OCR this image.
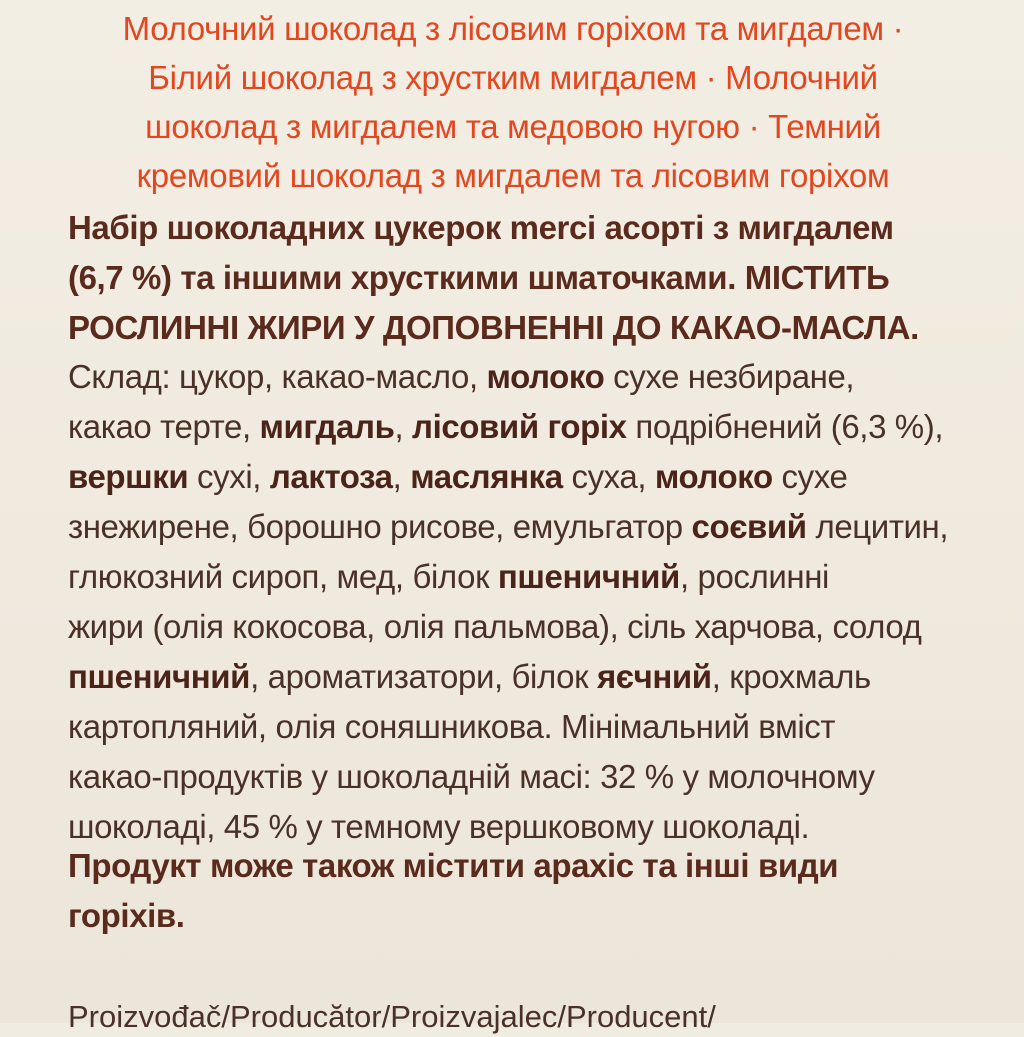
Молочний шоколад з лісовим горіхом та мигдалем ·
Білий шоколад з хрустким мигдалем · Молочний
шоколад з мигдалем та медовою нугою · Темний
кремовий шоколад з мигдалем та лісовим горіхом
Набір шоколадних цукерок merci асорті з мигдалем
(6,7 %) та іншими хрусткими шматочками. МІСТИТЬ
РОСЛИННІ ЖИРИ У ДОПОВНЕННІ ДО КАКАО-МАСЛА.
Склад: цукор, какао-масло, молоко сухе незбиране,
какао терте, мигдаль, лісовий горіх подрібнений (6,3 %),
вершки сухі, лактоза, маслянка суха, молоко сухе
знежирене, борошно рисове, емульгатор соєвий лецитин,
глюкозний сироп, мед, білок пшеничний, рослинні
жири (олія кокосова, олія пальмова), сіль харчова, солод
пшеничний, ароматизатори, білок яєчний, крохмаль
картопляний, олія соняшникова. Мінімальний вміст
какао-продуктів у шоколадній масі: 32 % у молочному
шоколаді, 45 % у темному вершковому шоколаді.
Продукт може також містити арахіс та інші види
горіхів.
Proizvođač/Producător/Proizvajalec/Producent/
